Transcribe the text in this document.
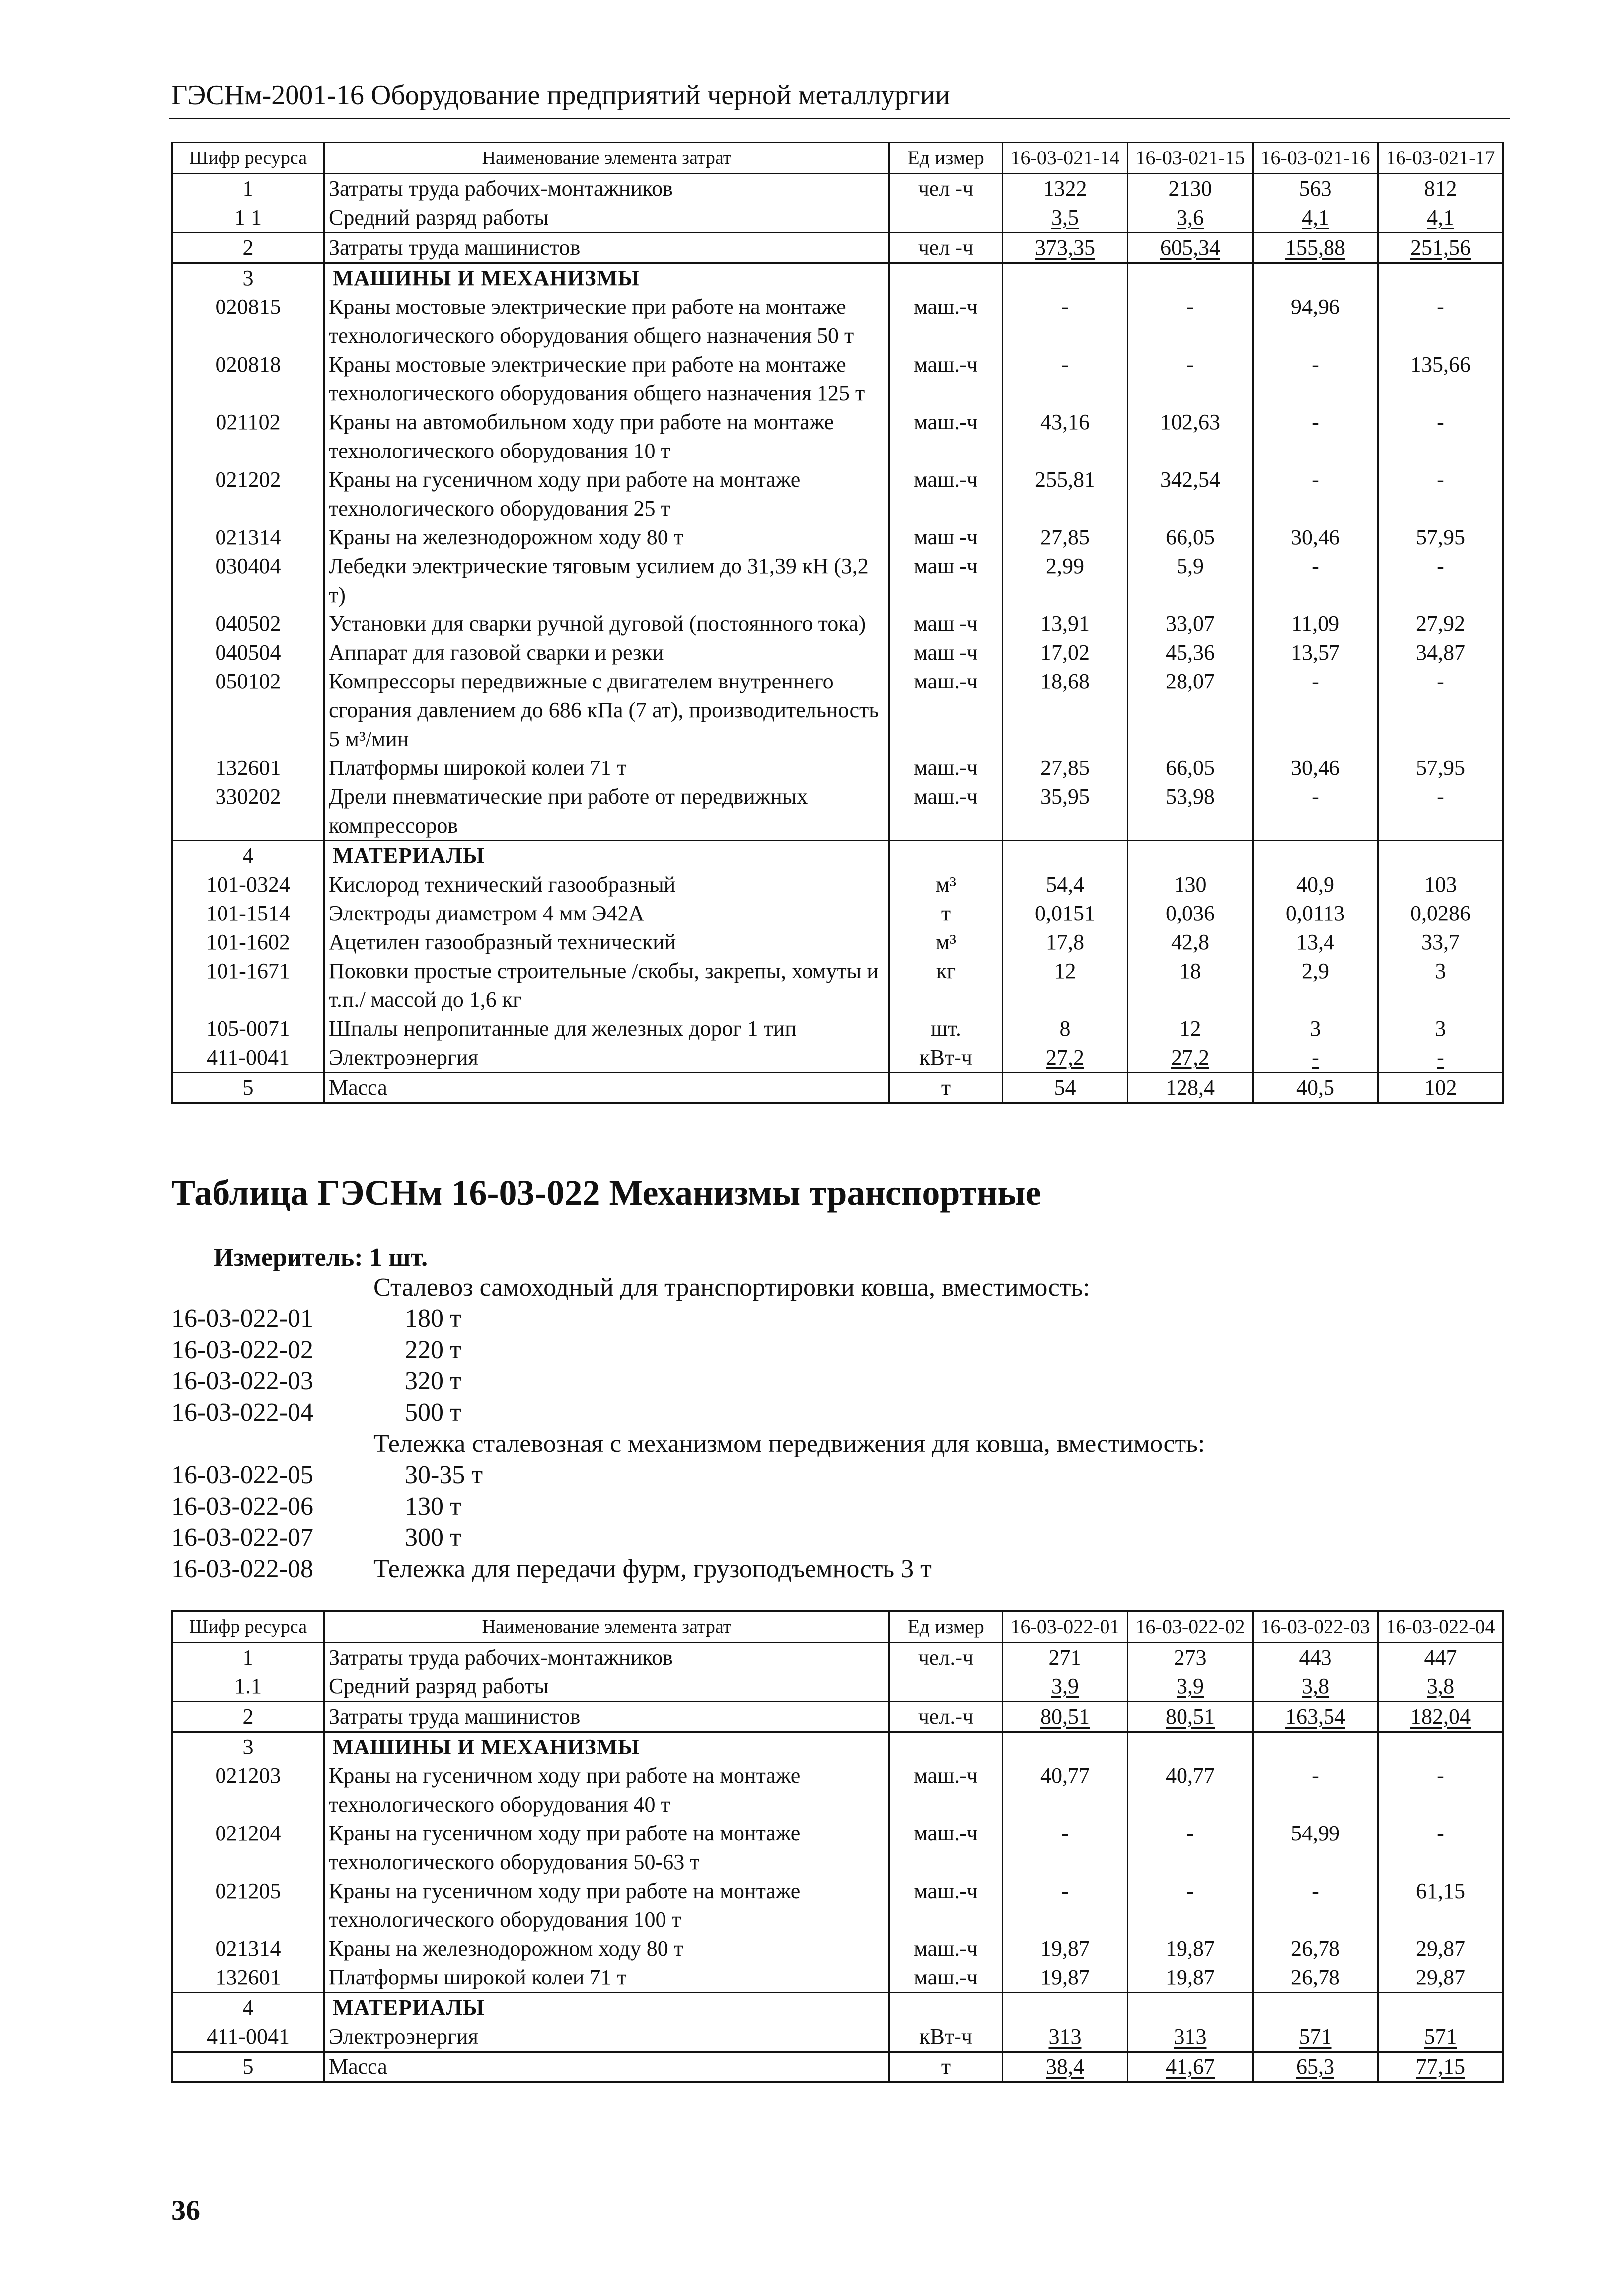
ГЭСНм-2001-16 Оборудование предприятий черной металлургии
Шифр ресурса	Наименование элемента затрат	Ед измер	16-03-021-14	16-03-021-15	16-03-021-16	16-03-021-17
1	Затраты труда рабочих-монтажников	чел -ч	1322	2130	563	812
1 1	Средний разряд работы		3,5	3,6	4,1	4,1
2	Затраты труда машинистов	чел -ч	373,35	605,34	155,88	251,56
3	МАШИНЫ И МЕХАНИЗМЫ					
020815	Краны мостовые электрические при работе на монтаже технологического оборудования общего назначения 50 т	маш.-ч	-	-	94,96	-
020818	Краны мостовые электрические при работе на монтаже технологического оборудования общего назначения 125 т	маш.-ч	-	-	-	135,66
021102	Краны на автомобильном ходу при работе на монтаже технологического оборудования 10 т	маш.-ч	43,16	102,63	-	-
021202	Краны на гусеничном ходу при работе на монтаже технологического оборудования 25 т	маш.-ч	255,81	342,54	-	-
021314	Краны на железнодорожном ходу 80 т	маш -ч	27,85	66,05	30,46	57,95
030404	Лебедки электрические тяговым усилием до 31,39 кН (3,2 т)	маш -ч	2,99	5,9	-	-
040502	Установки для сварки ручной дуговой (постоянного тока)	маш -ч	13,91	33,07	11,09	27,92
040504	Аппарат для газовой сварки и резки	маш -ч	17,02	45,36	13,57	34,87
050102	Компрессоры передвижные с двигателем внутреннего сгорания давлением до 686 кПа (7 ат), производительность 5 м³/мин	маш.-ч	18,68	28,07	-	-
132601	Платформы широкой колеи 71 т	маш.-ч	27,85	66,05	30,46	57,95
330202	Дрели пневматические при работе от передвижных компрессоров	маш.-ч	35,95	53,98	-	-
4	МАТЕРИАЛЫ					
101-0324	Кислород технический газообразный	м³	54,4	130	40,9	103
101-1514	Электроды диаметром 4 мм Э42А	т	0,0151	0,036	0,0113	0,0286
101-1602	Ацетилен газообразный технический	м³	17,8	42,8	13,4	33,7
101-1671	Поковки простые строительные /скобы, закрепы, хомуты и т.п./ массой до 1,6 кг	кг	12	18	2,9	3
105-0071	Шпалы непропитанные для железных дорог 1 тип	шт.	8	12	3	3
411-0041	Электроэнергия	кВт-ч	27,2	27,2	-	-
5	Масса	т	54	128,4	40,5	102
Таблица ГЭСНм 16-03-022 Механизмы транспортные
Измеритель: 1 шт.
Сталевоз самоходный для транспортировки ковша, вместимость:
16-03-022-01	180 т
16-03-022-02	220 т
16-03-022-03	320 т
16-03-022-04	500 т
Тележка сталевозная с механизмом передвижения для ковша, вместимость:
16-03-022-05	30-35 т
16-03-022-06	130 т
16-03-022-07	300 т
16-03-022-08 Тележка для передачи фурм, грузоподъемность 3 т
Шифр ресурса	Наименование элемента затрат	Ед измер	16-03-022-01	16-03-022-02	16-03-022-03	16-03-022-04
1	Затраты труда рабочих-монтажников	чел.-ч	271	273	443	447
1.1	Средний разряд работы		3,9	3,9	3,8	3,8
2	Затраты труда машинистов	чел.-ч	80,51	80,51	163,54	182,04
3	МАШИНЫ И МЕХАНИЗМЫ					
021203	Краны на гусеничном ходу при работе на монтаже технологического оборудования 40 т	маш.-ч	40,77	40,77	-	-
021204	Краны на гусеничном ходу при работе на монтаже технологического оборудования 50-63 т	маш.-ч	-	-	54,99	-
021205	Краны на гусеничном ходу при работе на монтаже технологического оборудования 100 т	маш.-ч	-	-	-	61,15
021314	Краны на железнодорожном ходу 80 т	маш.-ч	19,87	19,87	26,78	29,87
132601	Платформы широкой колеи 71 т	маш.-ч	19,87	19,87	26,78	29,87
4	МАТЕРИАЛЫ					
411-0041	Электроэнергия	кВт-ч	313	313	571	571
5	Масса	т	38,4	41,67	65,3	77,15
36
